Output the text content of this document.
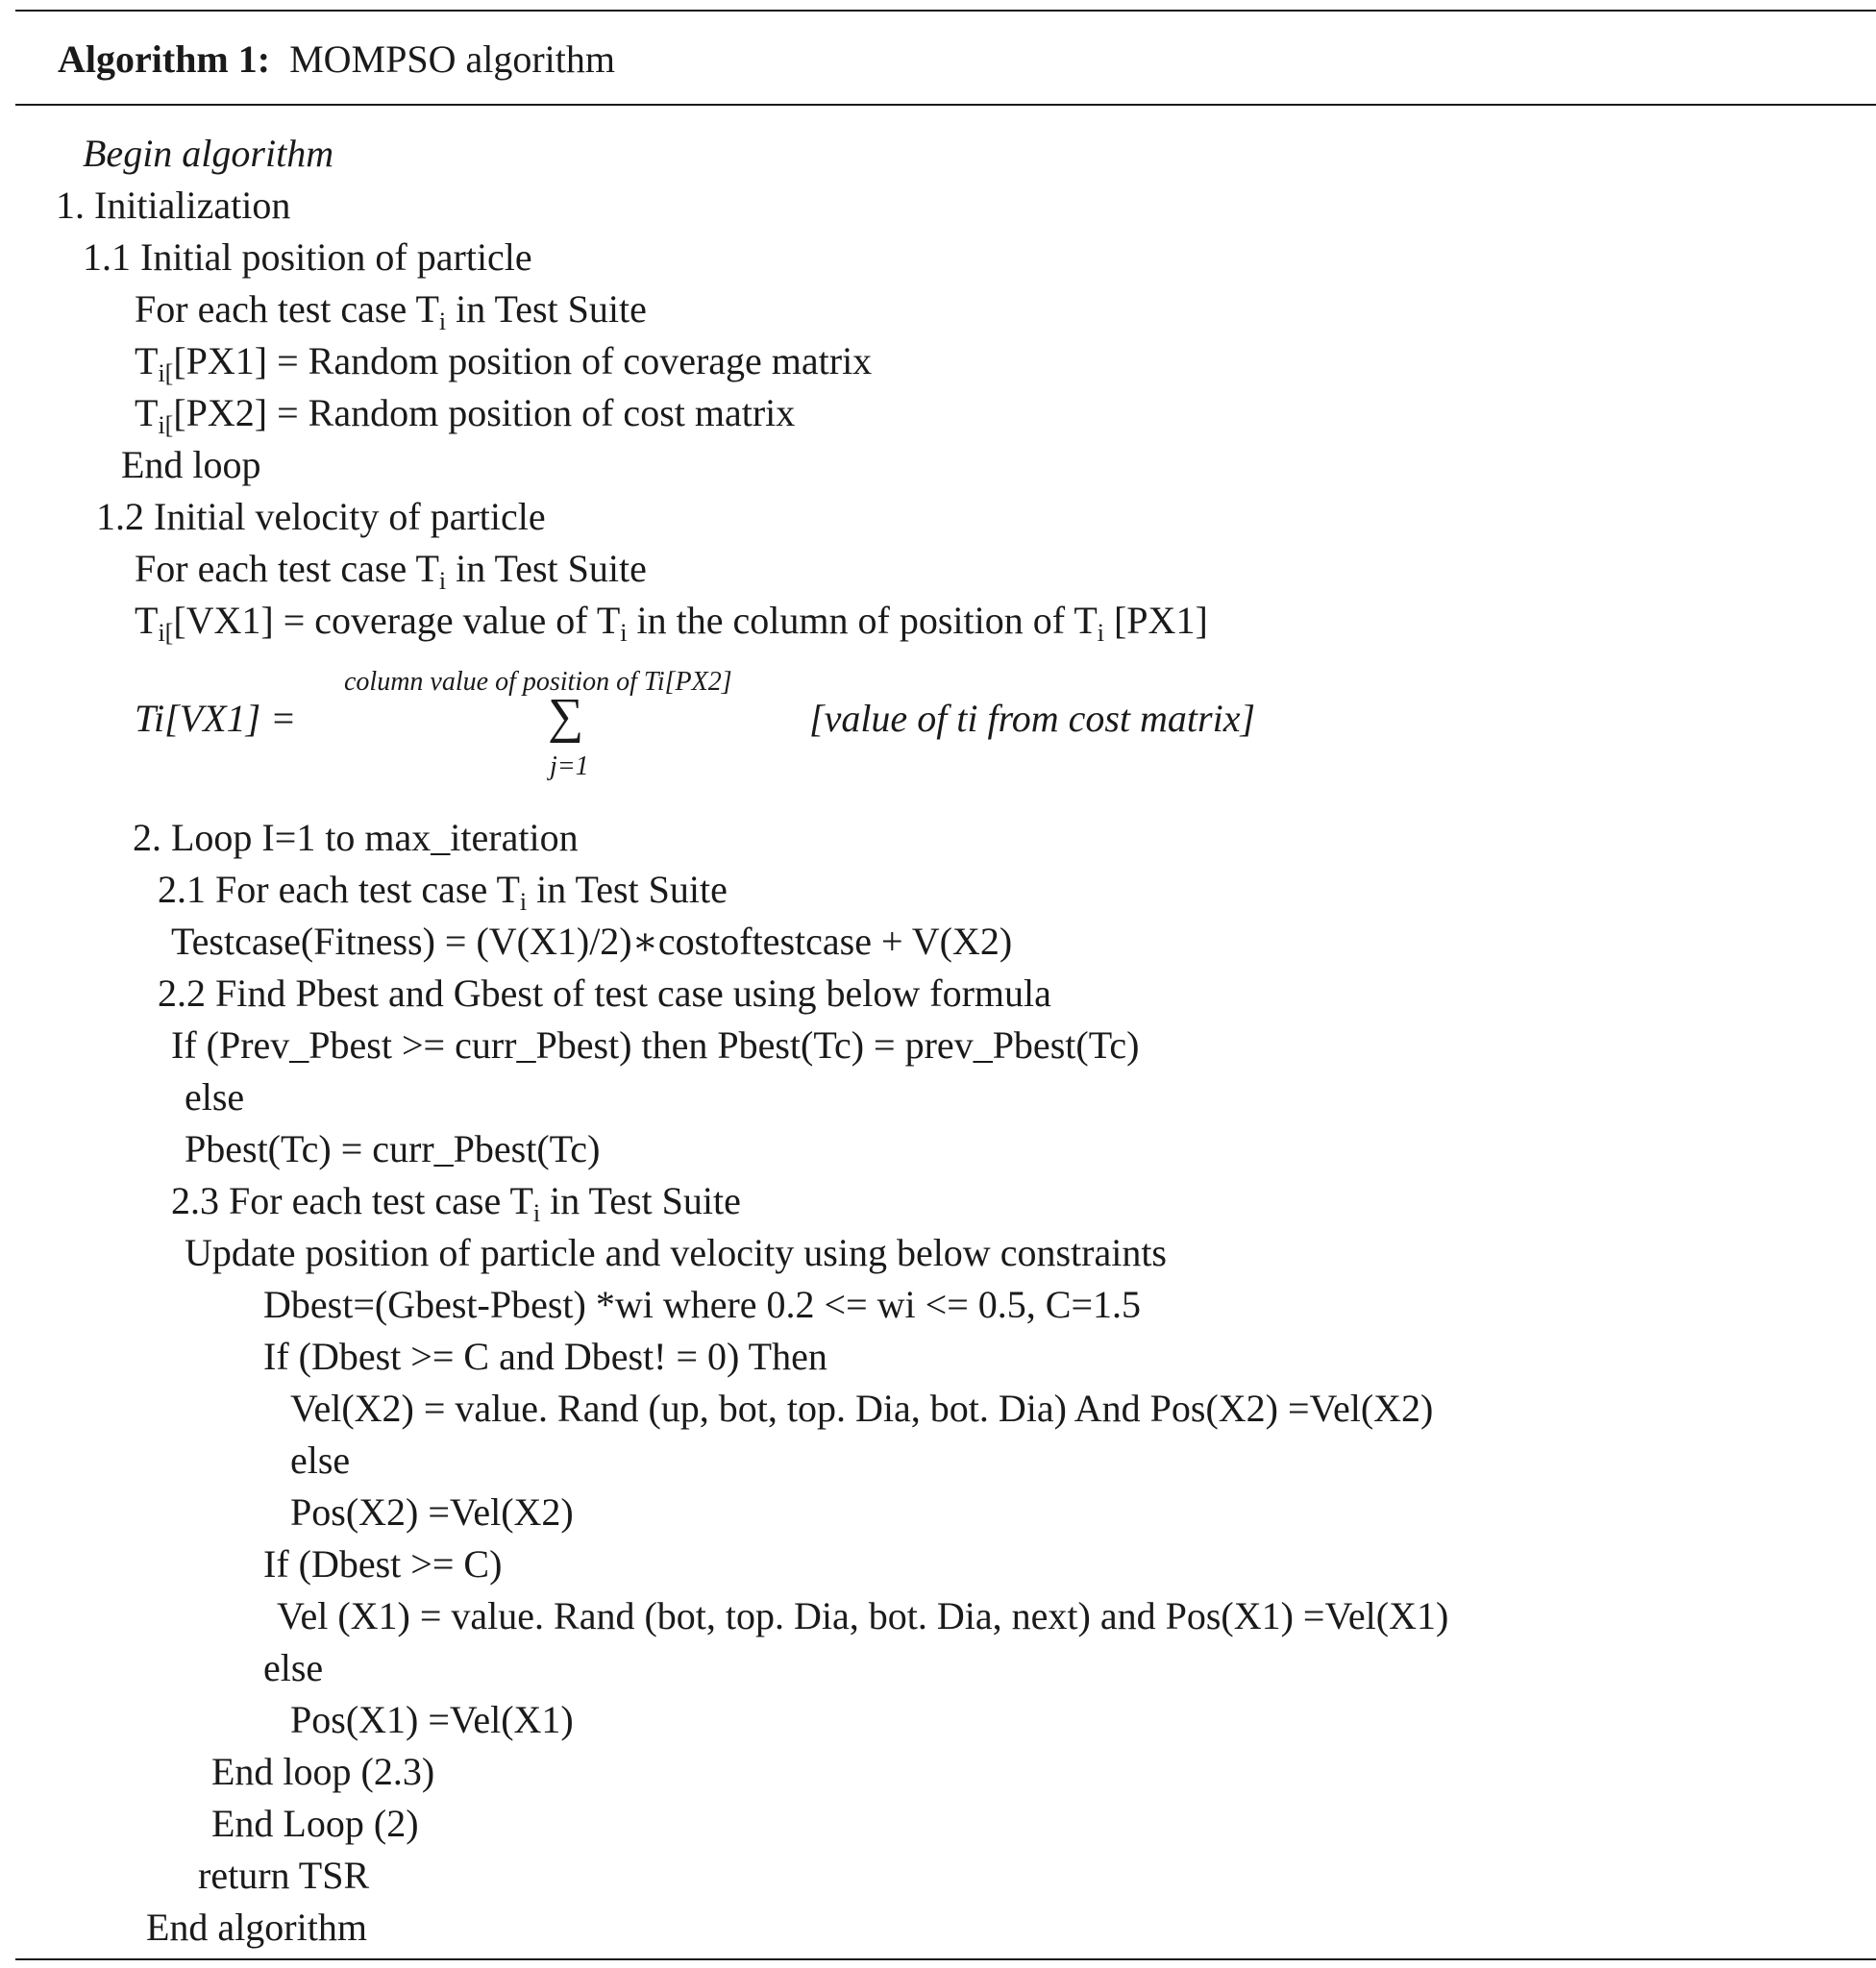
Algorithm 1: MOMPSO algorithm
Begin algorithm
1. Initialization
1.1 Initial position of particle
For each test case $T_i$ in Test Suite
$T_{i[}[PX1]$ = Random position of coverage matrix
$T_{i[}[PX2]$ = Random position of cost matrix
End loop
1.2 Initial velocity of particle
For each test case $T_i$ in Test Suite
$T_{i[}[VX1]$ = coverage value of $T_i$ in the column of position of $T_i$ [PX1]
Ti[VX1] =
column value of position of Ti[PX2]
∑
j=1
[value of ti from cost matrix]
2. Loop I=1 to max_iteration
2.1 For each test case $T_i$ in Test Suite
Testcase(Fitness) = (V(X1)/2)∗costoftestcase + V(X2)
2.2 Find Pbest and Gbest of test case using below formula
If (Prev_Pbest >= curr_Pbest) then Pbest(Tc) = prev_Pbest(Tc)
else
Pbest(Tc) = curr_Pbest(Tc)
2.3 For each test case $T_i$ in Test Suite
Update position of particle and velocity using below constraints
Dbest=(Gbest-Pbest) *wi where 0.2 <= wi <= 0.5, C=1.5
If (Dbest >= C and Dbest! = 0) Then
Vel(X2) = value. Rand (up, bot, top. Dia, bot. Dia) And Pos(X2) =Vel(X2)
else
Pos(X2) =Vel(X2)
If (Dbest >= C)
Vel (X1) = value. Rand (bot, top. Dia, bot. Dia, next) and Pos(X1) =Vel(X1)
else
Pos(X1) =Vel(X1)
End loop (2.3)
End Loop (2)
return TSR
End algorithm
